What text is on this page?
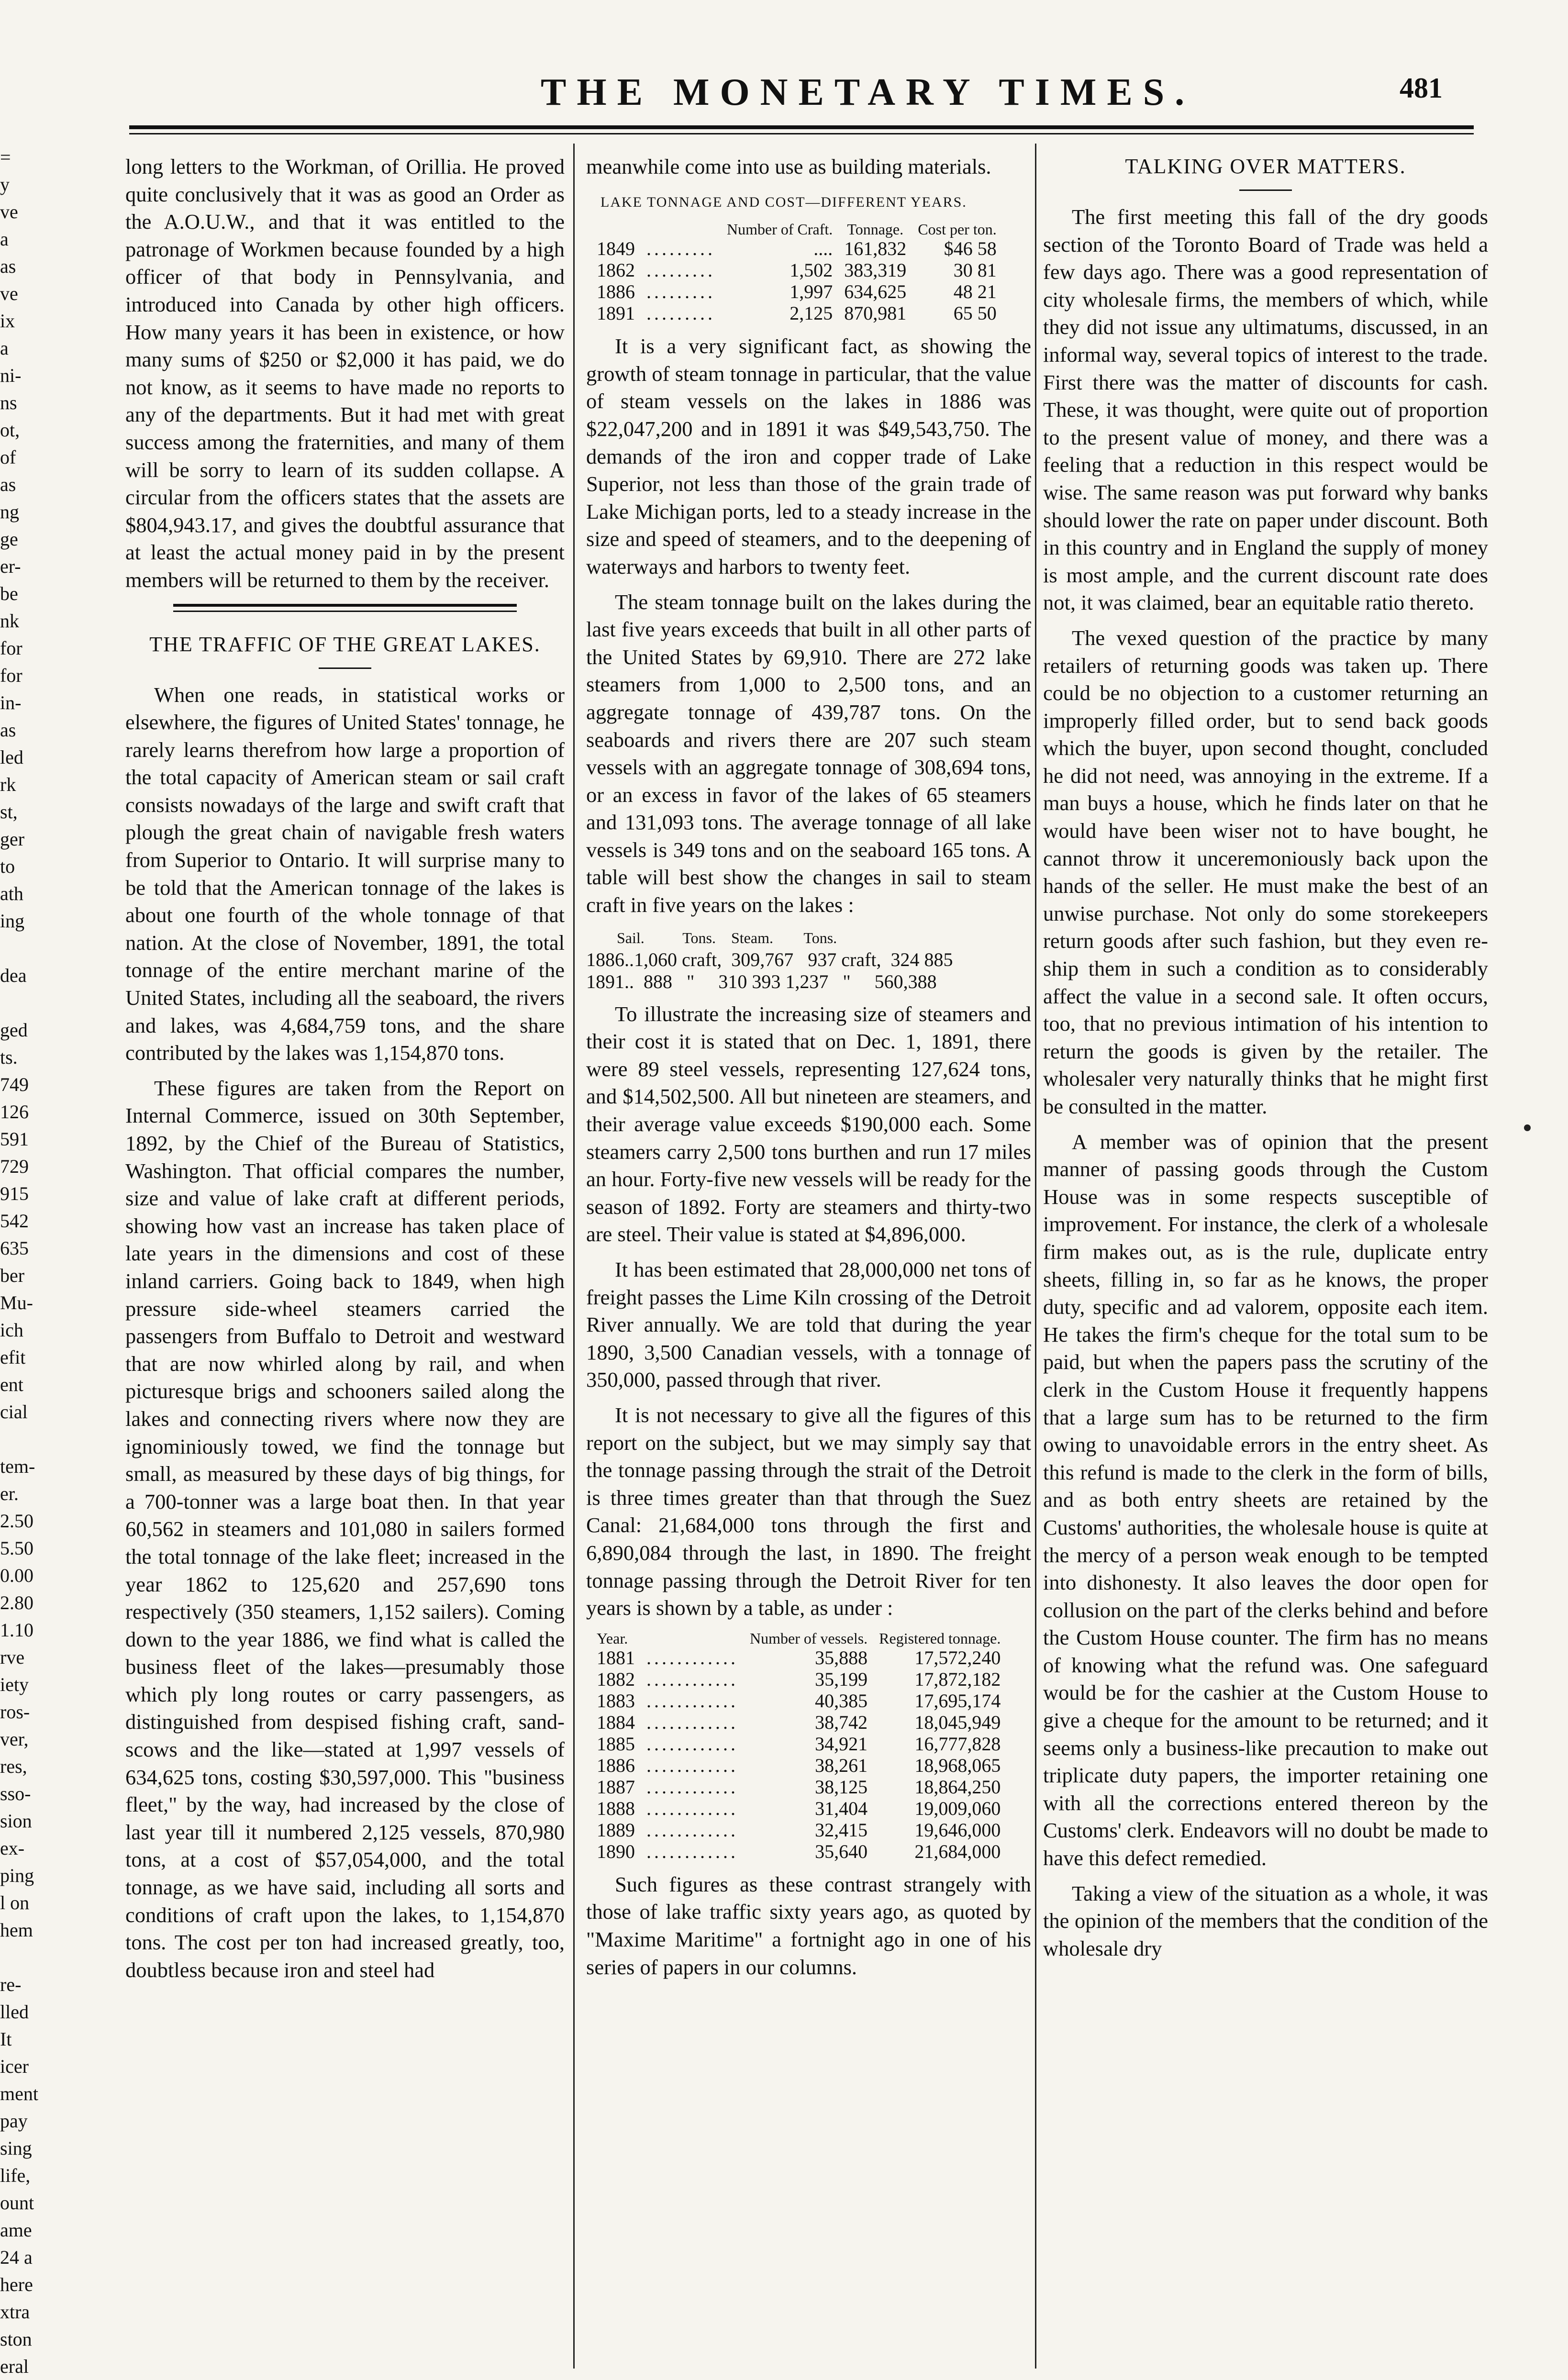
=
y
ve
a
as
ve
ix
a
ni-
ns
ot,
of
as
ng
ge
er-
be
nk
for
for
in-
as
led
rk
st,
ger
to
ath
ing

dea

ged
ts.
749
126
591
729
915
542
635
ber
Mu-
ich
efit
ent
cial

tem-
er.
2.50
5.50
0.00
2.80
1.10
rve
iety
ros-
ver,
res,
sso-
sion
ex-
ping
l on
hem

re-
lled
It
icer
ment
pay
sing
life,
ount
ame
24 a
here
xtra
ston
eral
THE MONETARY TIMES.	481

long letters to the Workman, of Orillia. He proved quite conclusively that it was as good an Order as the A.O.U.W., and that it was entitled to the patronage of Workmen because founded by a high officer of that body in Pennsylvania, and introduced into Canada by other high officers. How many years it has been in existence, or how many sums of $250 or $2,000 it has paid, we do not know, as it seems to have made no reports to any of the departments. But it had met with great success among the fraternities, and many of them will be sorry to learn of its sudden collapse. A circular from the officers states that the assets are $804,943.17, and gives the doubtful assurance that at least the actual money paid in by the present members will be returned to them by the receiver.

THE TRAFFIC OF THE GREAT LAKES.

When one reads, in statistical works or elsewhere, the figures of United States' tonnage, he rarely learns therefrom how large a proportion of the total capacity of American steam or sail craft consists nowadays of the large and swift craft that plough the great chain of navigable fresh waters from Superior to Ontario. It will surprise many to be told that the American tonnage of the lakes is about one fourth of the whole tonnage of that nation. At the close of November, 1891, the total tonnage of the entire merchant marine of the United States, including all the seaboard, the rivers and lakes, was 4,684,759 tons, and the share contributed by the lakes was 1,154,870 tons.

These figures are taken from the Report on Internal Commerce, issued on 30th September, 1892, by the Chief of the Bureau of Statistics, Washington. That official compares the number, size and value of lake craft at different periods, showing how vast an increase has taken place of late years in the dimensions and cost of these inland carriers. Going back to 1849, when high pressure side-wheel steamers carried the passengers from Buffalo to Detroit and westward that are now whirled along by rail, and when picturesque brigs and schooners sailed along the lakes and connecting rivers where now they are ignominiously towed, we find the tonnage but small, as measured by these days of big things, for a 700-tonner was a large boat then. In that year 60,562 in steamers and 101,080 in sailers formed the total tonnage of the lake fleet; increased in the year 1862 to 125,620 and 257,690 tons respectively (350 steamers, 1,152 sailers). Coming down to the year 1886, we find what is called the business fleet of the lakes—presumably those which ply long routes or carry passengers, as distinguished from despised fishing craft, sand-scows and the like—stated at 1,997 vessels of 634,625 tons, costing $30,597,000. This "business fleet," by the way, had increased by the close of last year till it numbered 2,125 vessels, 870,980 tons, at a cost of $57,054,000, and the total tonnage, as we have said, including all sorts and conditions of craft upon the lakes, to 1,154,870 tons. The cost per ton had increased greatly, too, doubtless because iron and steel had

meanwhile come into use as building materials.

LAKE TONNAGE AND COST—DIFFERENT YEARS.
		Number of Craft.	Tonnage.	Cost per ton.
1849	.........	....	161,832	$46 58
1862	.........	1,502	383,319	30 81
1886	.........	1,997	634,625	48 21
1891	.........	2,125	870,981	65 50

It is a very significant fact, as showing the growth of steam tonnage in particular, that the value of steam vessels on the lakes in 1886 was $22,047,200 and in 1891 it was $49,543,750. The demands of the iron and copper trade of Lake Superior, not less than those of the grain trade of Lake Michigan ports, led to a steady increase in the size and speed of steamers, and to the deepening of waterways and harbors to twenty feet.

The steam tonnage built on the lakes during the last five years exceeds that built in all other parts of the United States by 69,910. There are 272 lake steamers from 1,000 to 2,500 tons, and an aggregate tonnage of 439,787 tons. On the seaboards and rivers there are 207 such steam vessels with an aggregate tonnage of 308,694 tons, or an excess in favor of the lakes of 65 steamers and 131,093 tons. The average tonnage of all lake vessels is 349 tons and on the seaboard 165 tons. A table will best show the changes in sail to steam craft in five years on the lakes :

Sail.          Tons.    Steam.        Tons.
1886..1,060 craft,  309,767   937 craft,  324 885
1891..  888   "     310 393 1,237   "     560,388

To illustrate the increasing size of steamers and their cost it is stated that on Dec. 1, 1891, there were 89 steel vessels, representing 127,624 tons, and $14,502,500. All but nineteen are steamers, and their average value exceeds $190,000 each. Some steamers carry 2,500 tons burthen and run 17 miles an hour. Forty-five new vessels will be ready for the season of 1892. Forty are steamers and thirty-two are steel. Their value is stated at $4,896,000.

It has been estimated that 28,000,000 net tons of freight passes the Lime Kiln crossing of the Detroit River annually. We are told that during the year 1890, 3,500 Canadian vessels, with a tonnage of 350,000, passed through that river.

It is not necessary to give all the figures of this report on the subject, but we may simply say that the tonnage passing through the strait of the Detroit is three times greater than that through the Suez Canal: 21,684,000 tons through the first and 6,890,084 through the last, in 1890. The freight tonnage passing through the Detroit River for ten years is shown by a table, as under :

Year.		Number of vessels.	Registered tonnage.
1881	............	35,888	17,572,240
1882	............	35,199	17,872,182
1883	............	40,385	17,695,174
1884	............	38,742	18,045,949
1885	............	34,921	16,777,828
1886	............	38,261	18,968,065
1887	............	38,125	18,864,250
1888	............	31,404	19,009,060
1889	............	32,415	19,646,000
1890	............	35,640	21,684,000

Such figures as these contrast strangely with those of lake traffic sixty years ago, as quoted by "Maxime Maritime" a fortnight ago in one of his series of papers in our columns.

TALKING OVER MATTERS.

The first meeting this fall of the dry goods section of the Toronto Board of Trade was held a few days ago. There was a good representation of city wholesale firms, the members of which, while they did not issue any ultimatums, discussed, in an informal way, several topics of interest to the trade. First there was the matter of discounts for cash. These, it was thought, were quite out of proportion to the present value of money, and there was a feeling that a reduction in this respect would be wise. The same reason was put forward why banks should lower the rate on paper under discount. Both in this country and in England the supply of money is most ample, and the current discount rate does not, it was claimed, bear an equitable ratio thereto.

The vexed question of the practice by many retailers of returning goods was taken up. There could be no objection to a customer returning an improperly filled order, but to send back goods which the buyer, upon second thought, concluded he did not need, was annoying in the extreme. If a man buys a house, which he finds later on that he would have been wiser not to have bought, he cannot throw it unceremoniously back upon the hands of the seller. He must make the best of an unwise purchase. Not only do some storekeepers return goods after such fashion, but they even re-ship them in such a condition as to considerably affect the value in a second sale. It often occurs, too, that no previous intimation of his intention to return the goods is given by the retailer. The wholesaler very naturally thinks that he might first be consulted in the matter.

A member was of opinion that the present manner of passing goods through the Custom House was in some respects susceptible of improvement. For instance, the clerk of a wholesale firm makes out, as is the rule, duplicate entry sheets, filling in, so far as he knows, the proper duty, specific and ad valorem, opposite each item. He takes the firm's cheque for the total sum to be paid, but when the papers pass the scrutiny of the clerk in the Custom House it frequently happens that a large sum has to be returned to the firm owing to unavoidable errors in the entry sheet. As this refund is made to the clerk in the form of bills, and as both entry sheets are retained by the Customs' authorities, the wholesale house is quite at the mercy of a person weak enough to be tempted into dishonesty. It also leaves the door open for collusion on the part of the clerks behind and before the Custom House counter. The firm has no means of knowing what the refund was. One safeguard would be for the cashier at the Custom House to give a cheque for the amount to be returned; and it seems only a business-like precaution to make out triplicate duty papers, the importer retaining one with all the corrections entered thereon by the Customs' clerk. Endeavors will no doubt be made to have this defect remedied.

Taking a view of the situation as a whole, it was the opinion of the members that the condition of the wholesale dry
